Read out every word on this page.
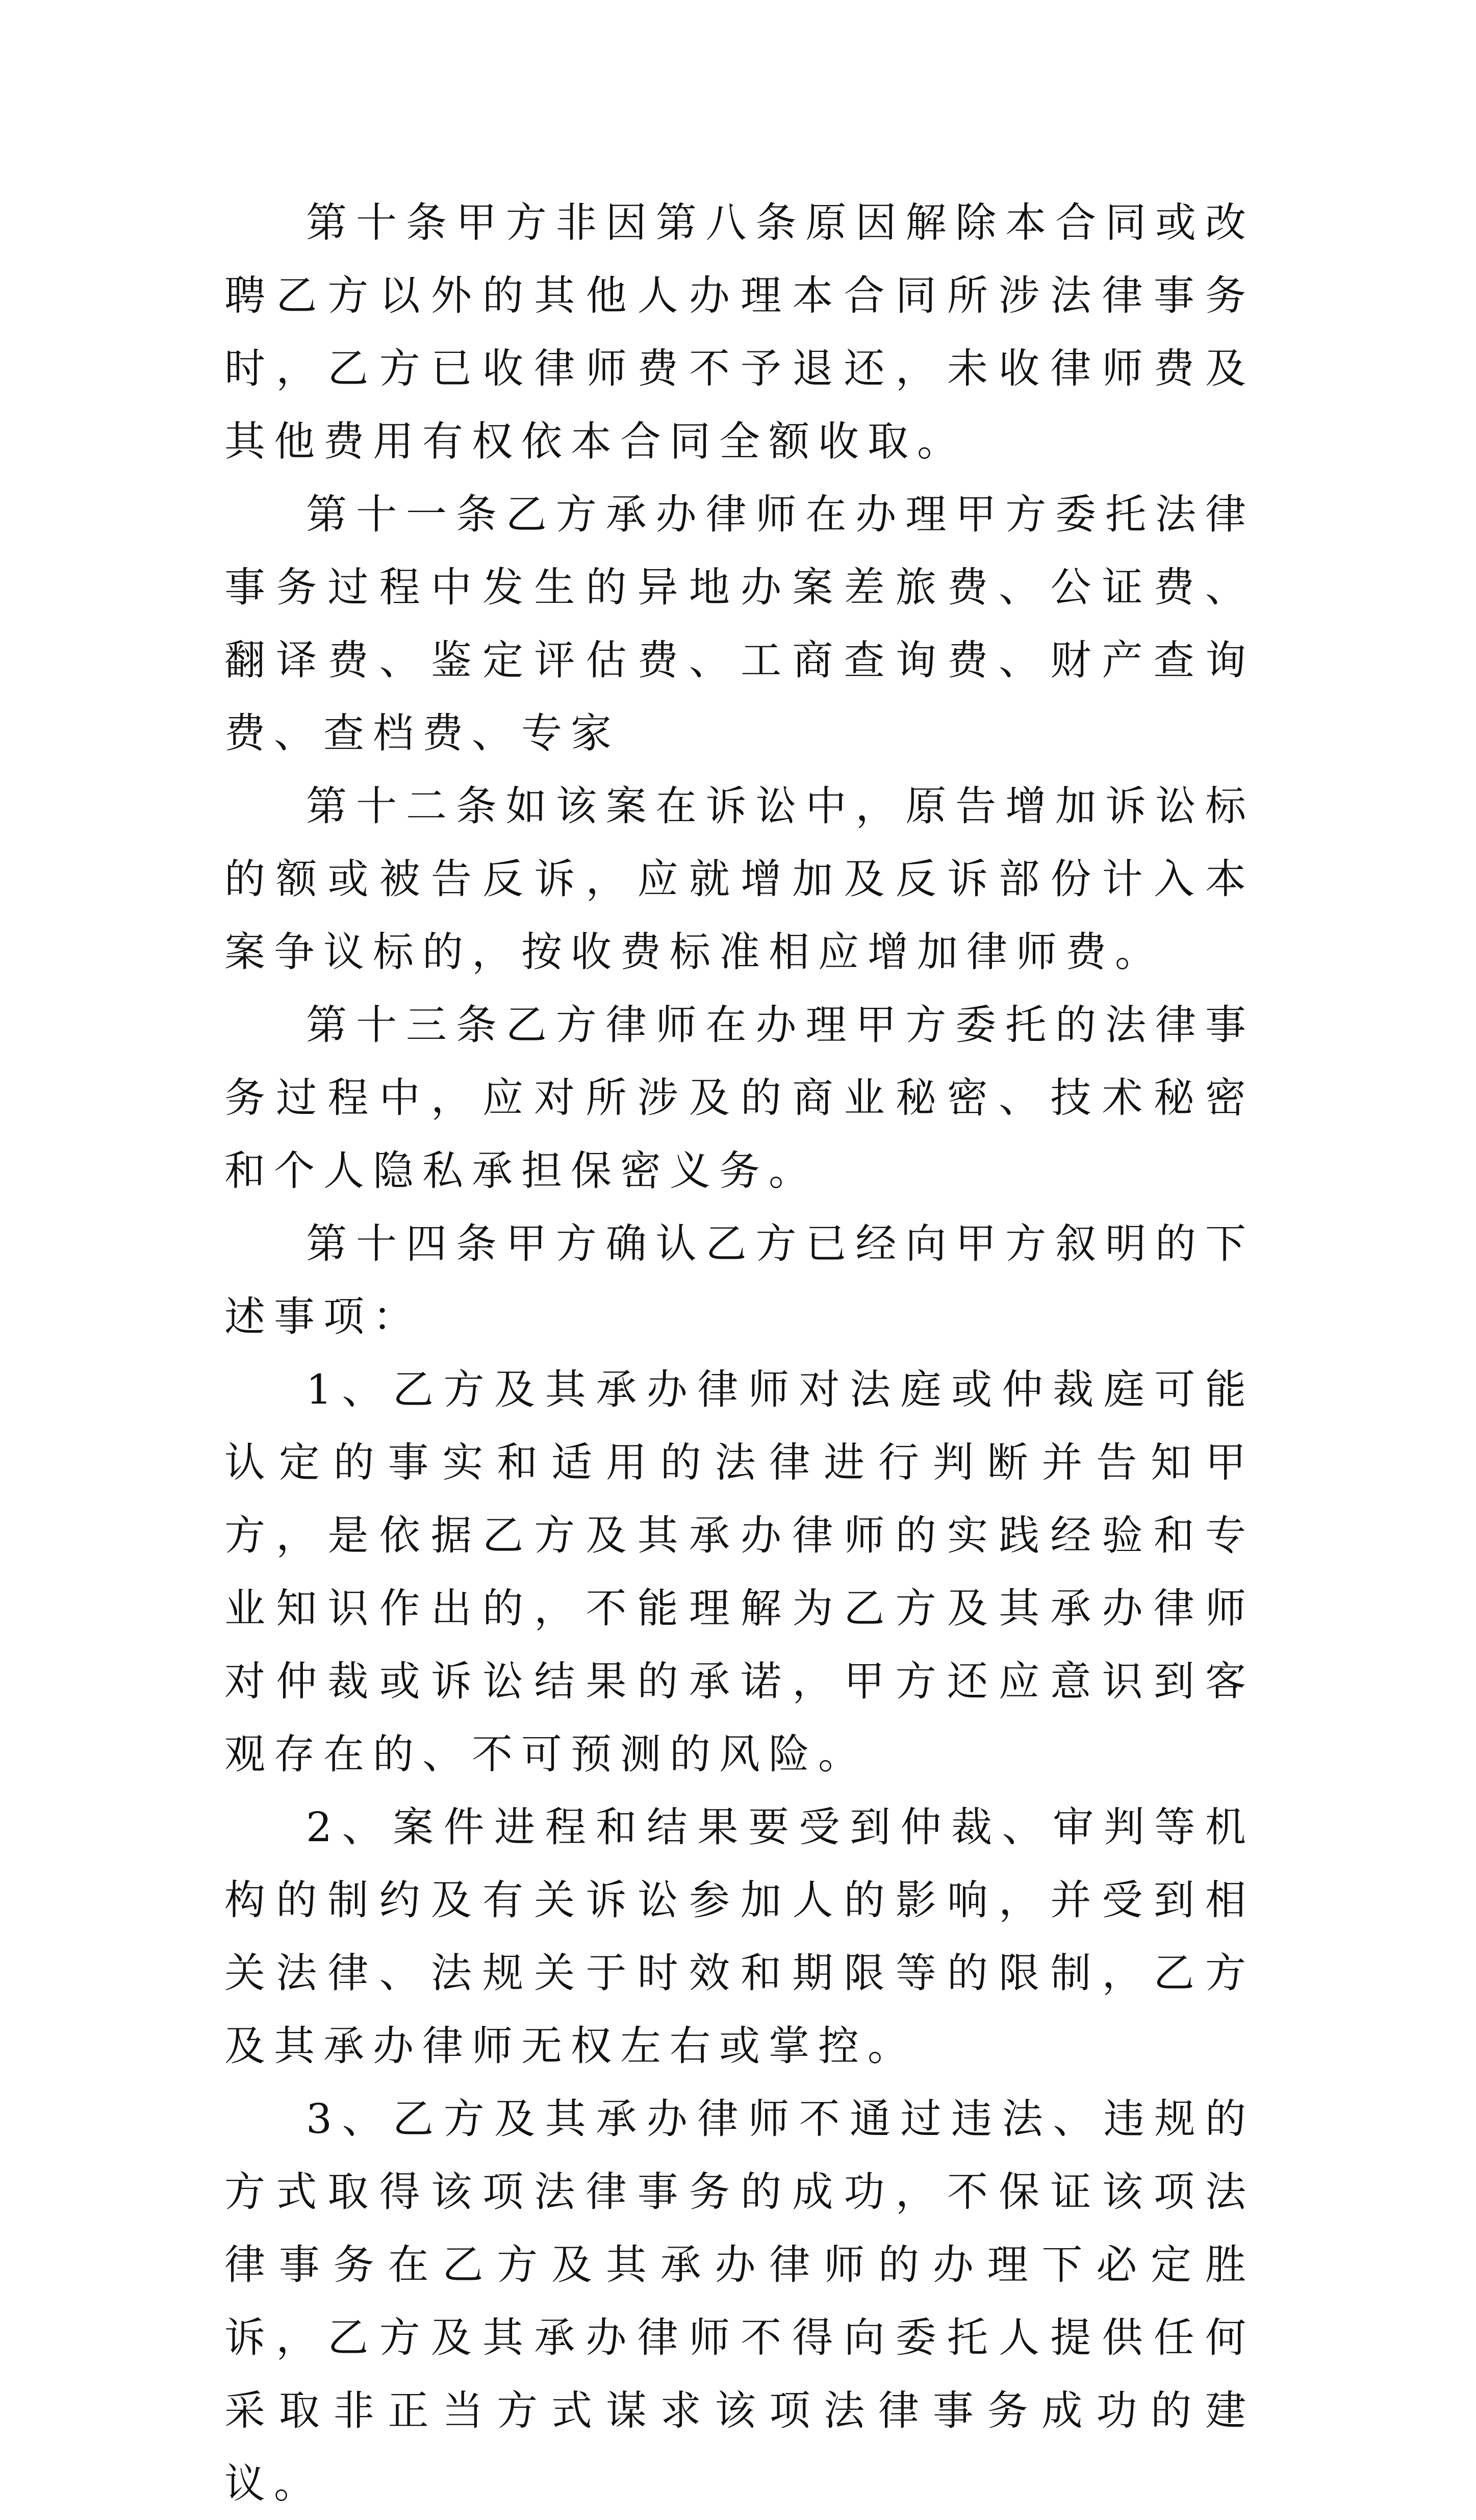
第十条甲方非因第八条原因解除本合同或改聘乙方以外的其他人办理本合同所涉法律事务时，乙方已收律师费不予退还，未收律师费及其他费用有权依本合同全额收取。

第十一条乙方承办律师在办理甲方委托法律事务过程中发生的异地办案差旅费、公证费、翻译费、鉴定评估费、工商查询费、财产查询费、查档费、专家

第十二条如该案在诉讼中，原告增加诉讼标的额或被告反诉，应就增加及反诉部份计入本案争议标的，按收费标准相应增加律师费。

第十三条乙方律师在办理甲方委托的法律事务过程中，应对所涉及的商业秘密、技术秘密和个人隐私承担保密义务。

第十四条甲方确认乙方已经向甲方叙明的下述事项：

1、乙方及其承办律师对法庭或仲裁庭可能认定的事实和适用的法律进行判断并告知甲方，是依据乙方及其承办律师的实践经验和专业知识作出的，不能理解为乙方及其承办律师对仲裁或诉讼结果的承诺，甲方还应意识到客观存在的、不可预测的风险。

2、案件进程和结果要受到仲裁、审判等机构的制约及有关诉讼参加人的影响，并受到相关法律、法规关于时效和期限等的限制，乙方及其承办律师无权左右或掌控。

3、乙方及其承办律师不通过违法、违规的方式取得该项法律事务的成功，不保证该项法律事务在乙方及其承办律师的办理下必定胜诉，乙方及其承办律师不得向委托人提供任何采取非正当方式谋求该项法律事务成功的建议。
